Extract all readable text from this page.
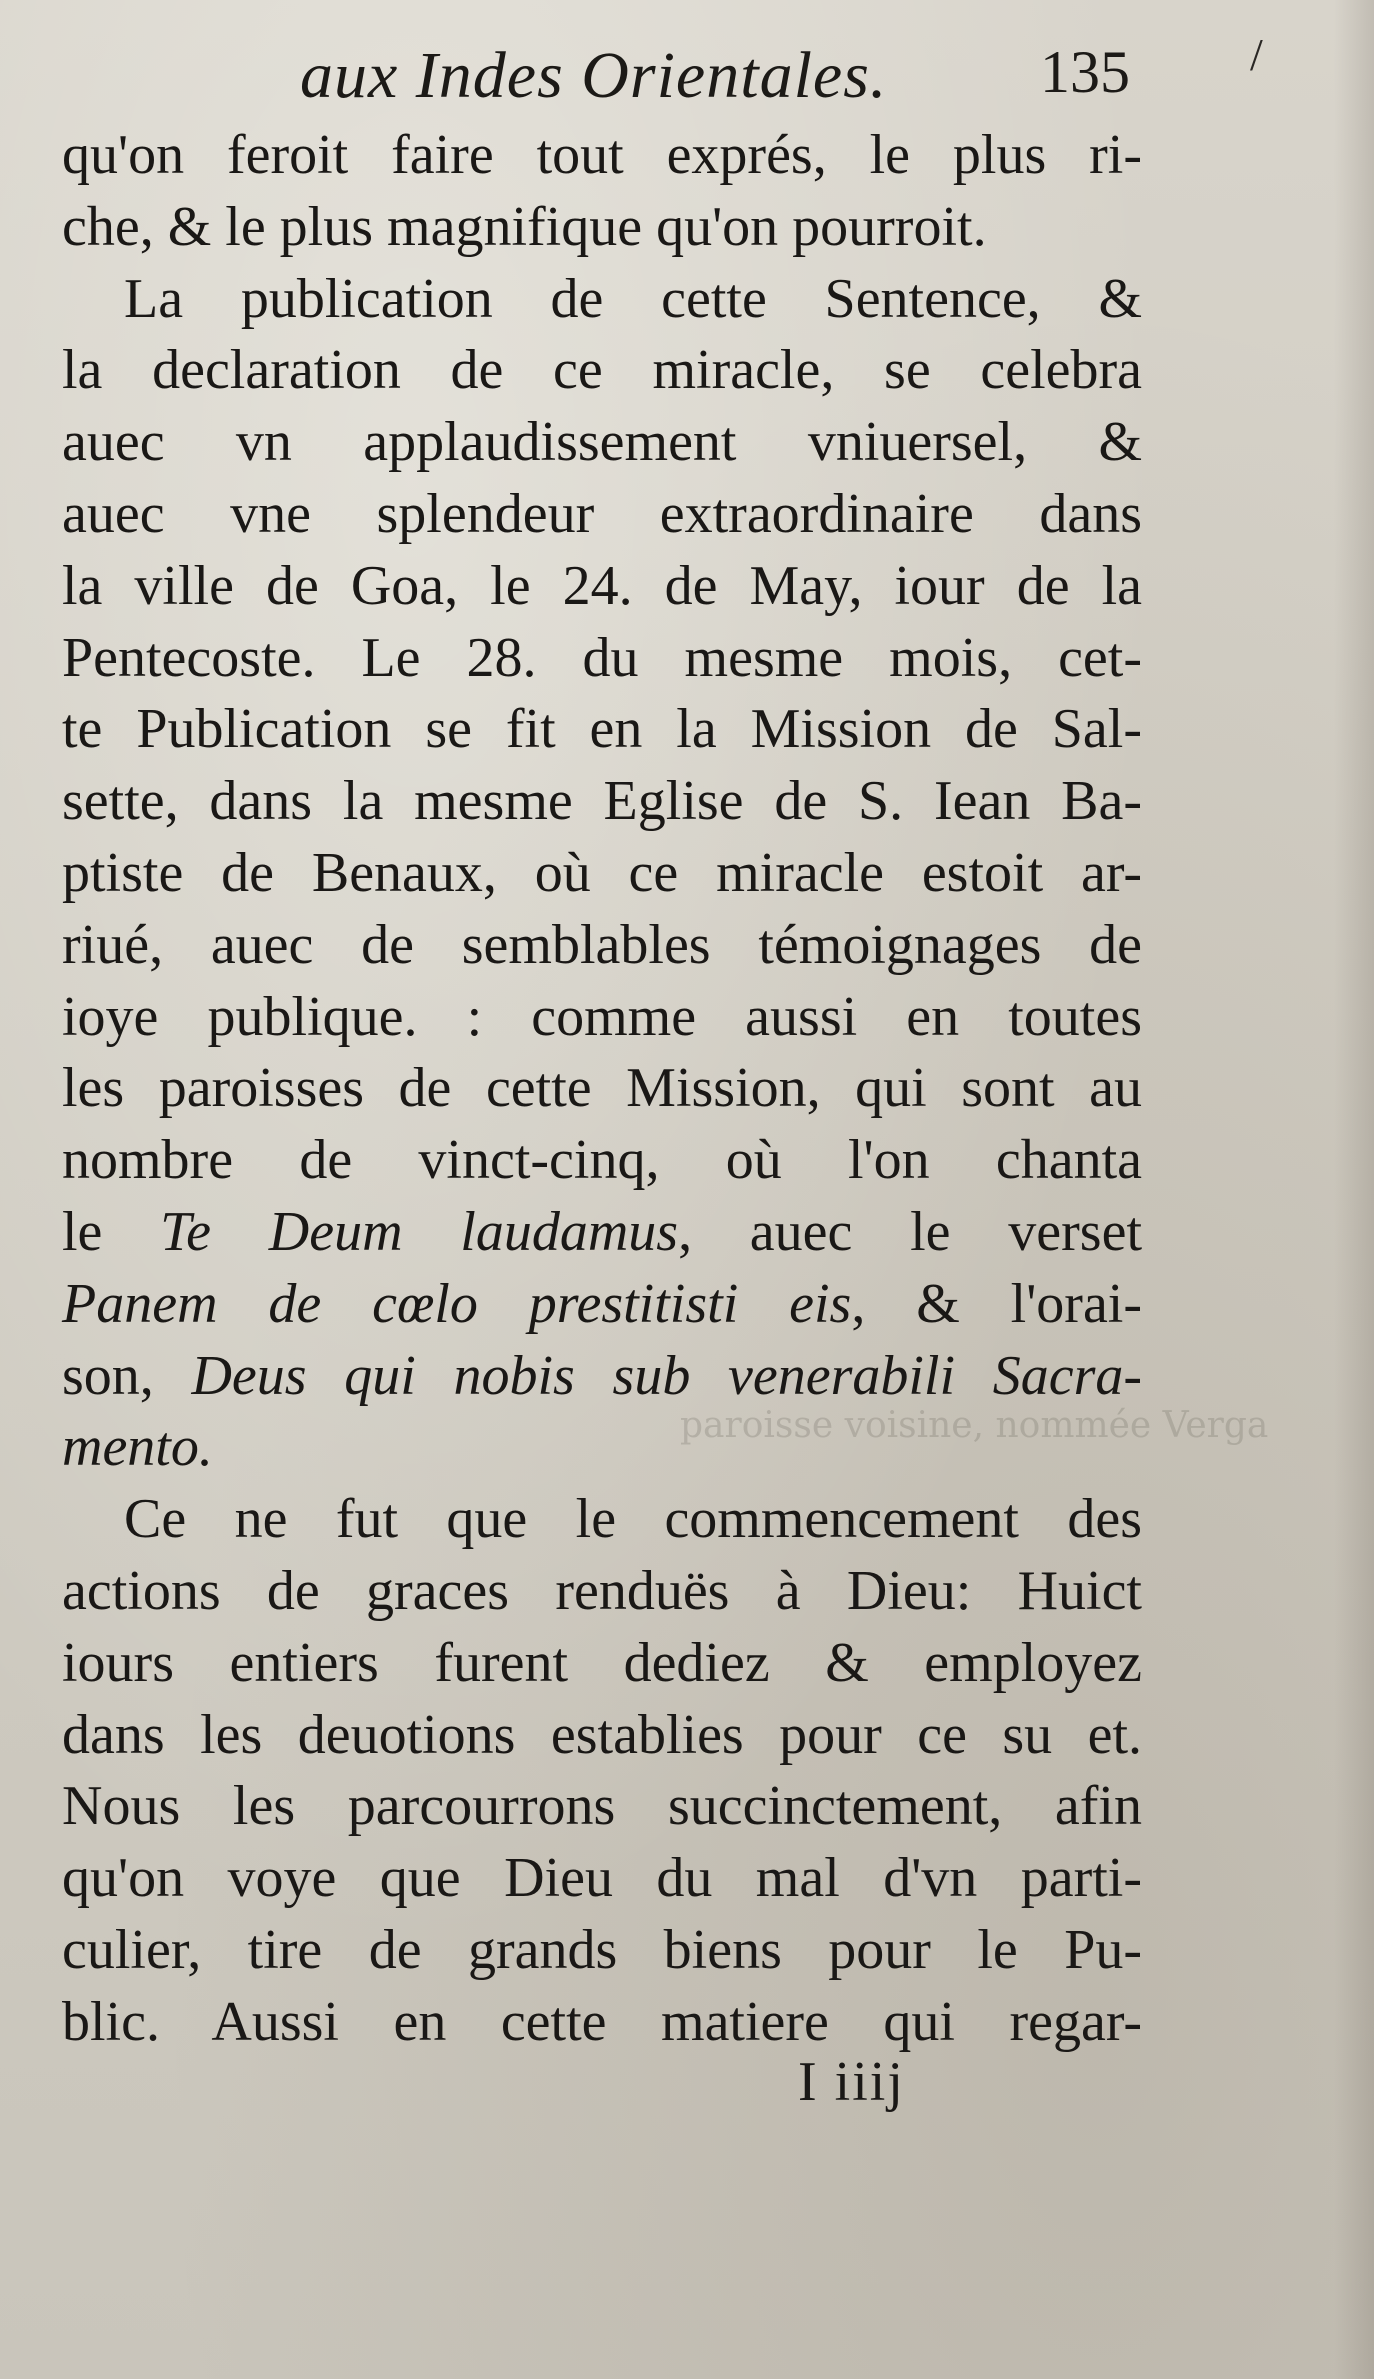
paroisse voisine, nommée Verga
aux Indes Orientales.	135	/
qu'on feroit faire tout exprés, le plus ri-
che, & le plus magnifique qu'on pourroit.
La publication de cette Sentence, &
la declaration de ce miracle, se celebra
auec vn applaudissement vniuersel, &
auec vne splendeur extraordinaire dans
la ville de Goa, le 24. de May, iour de la
Pentecoste. Le 28. du mesme mois, cet-
te Publication se fit en la Mission de Sal-
sette, dans la mesme Eglise de S. Iean Ba-
ptiste de Benaux, où ce miracle estoit ar-
riué, auec de semblables témoignages de
ioye publique. : comme aussi en toutes
les paroisses de cette Mission, qui sont au
nombre de vinct-cinq, où l'on chanta
le Te Deum laudamus, auec le verset
Panem de cœlo prestitisti eis, & l'orai-
son, Deus qui nobis sub venerabili Sacra-
mento.
Ce ne fut que le commencement des
actions de graces renduës à Dieu: Huict
iours entiers furent dediez & employez
dans les deuotions establies pour ce su et.
Nous les parcourrons succinctement, afin
qu'on voye que Dieu du mal d'vn parti-
culier, tire de grands biens pour le Pu-
blic. Aussi en cette matiere qui regar-
I iiij
